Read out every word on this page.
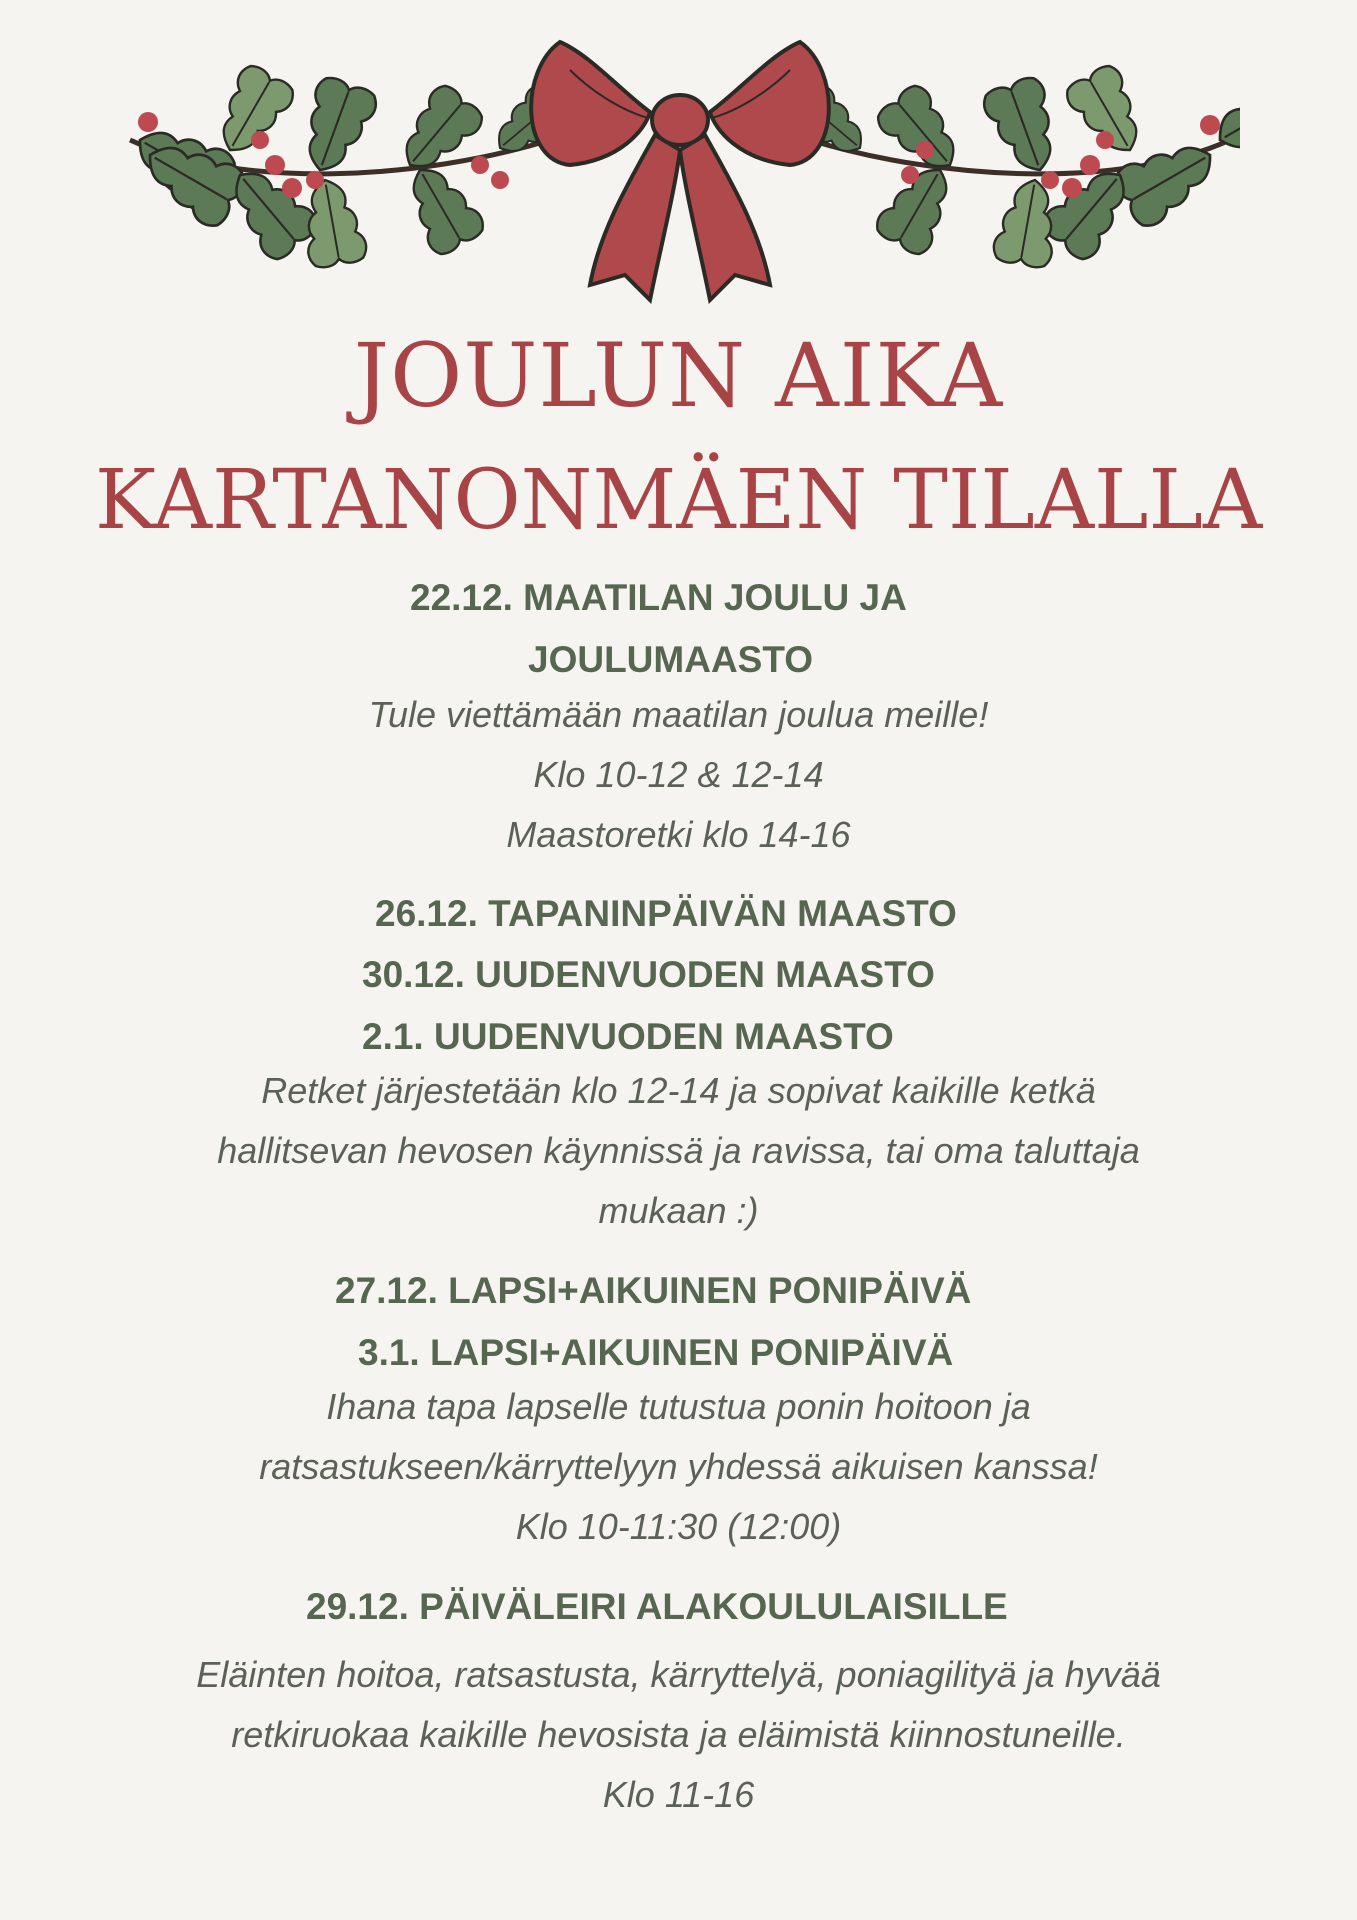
JOULUN AIKA
KARTANONMÄEN TILALLA
22.12. MAATILAN JOULU JA
JOULUMAASTO

Tule viettämään maatilan joulua meille!

Klo 10-12 & 12-14

Maastoretki klo 14-16

26.12. TAPANINPÄIVÄN MAASTO
30.12. UUDENVUODEN MAASTO
2.1. UUDENVUODEN MAASTO

Retket järjestetään klo 12-14 ja sopivat kaikille ketkä

hallitsevan hevosen käynnissä ja ravissa, tai oma taluttaja

mukaan :)

27.12. LAPSI+AIKUINEN PONIPÄIVÄ
3.1. LAPSI+AIKUINEN PONIPÄIVÄ

Ihana tapa lapselle tutustua ponin hoitoon ja

ratsastukseen/kärryttelyyn yhdessä aikuisen kanssa!

Klo 10-11:30 (12:00)

29.12. PÄIVÄLEIRI ALAKOULULAISILLE

Eläinten hoitoa, ratsastusta, kärryttelyä, poniagilityä ja hyvää

retkiruokaa kaikille hevosista ja eläimistä kiinnostuneille.

Klo 11-16
